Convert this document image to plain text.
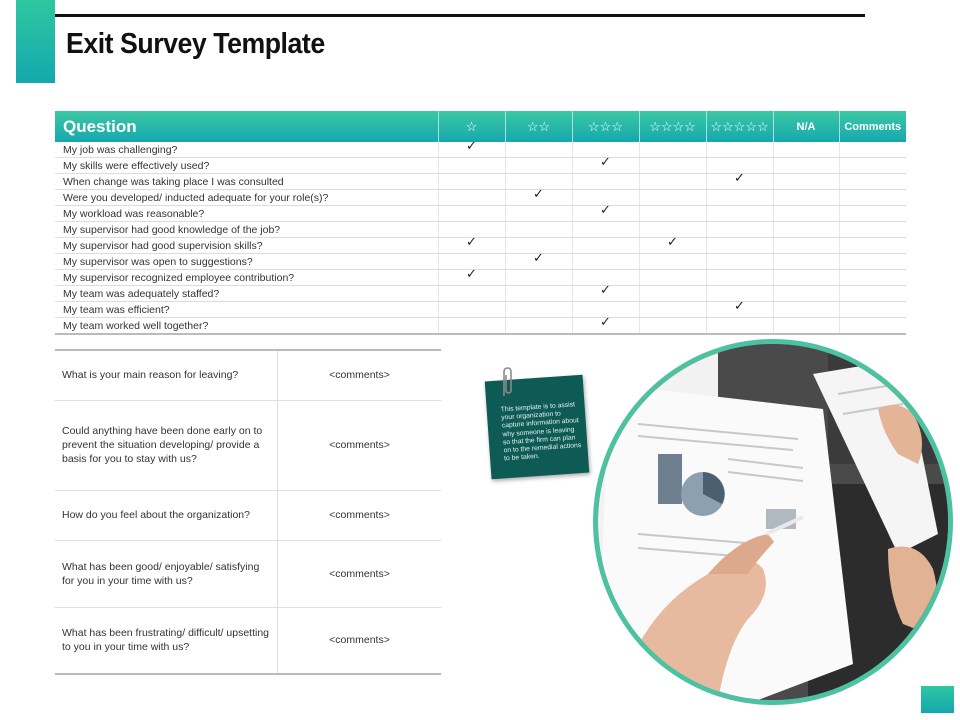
Exit Survey Template
Question	☆	☆☆	☆☆☆	☆☆☆☆	☆☆☆☆☆	N/A	Comments
My job was challenging?	✓						
My skills were effectively used?			✓				
When change was taking place I was consulted					✓		
Were you developed/ inducted adequate for your role(s)?		✓					
My workload was reasonable?			✓				
My supervisor had good knowledge of the job?							
My supervisor had good supervision skills?	✓			✓			
My supervisor was open to suggestions?		✓					
My supervisor recognized employee contribution?	✓						
My team was adequately staffed?			✓				
My team was efficient?					✓		
My team worked well together?			✓				
What is your main reason for leaving?	<comments>
Could anything have been done early on to prevent the situation developing/ provide a basis for you to stay with us?	<comments>
How do you feel about the organization?	<comments>
What has been good/ enjoyable/ satisfying for you in your time with us?	<comments>
What has been frustrating/ difficult/ upsetting to you in your time with us?	<comments>
This template is to assist your organization to capture information about why someone is leaving so that the firm can plan on to the remedial actions to be taken.
